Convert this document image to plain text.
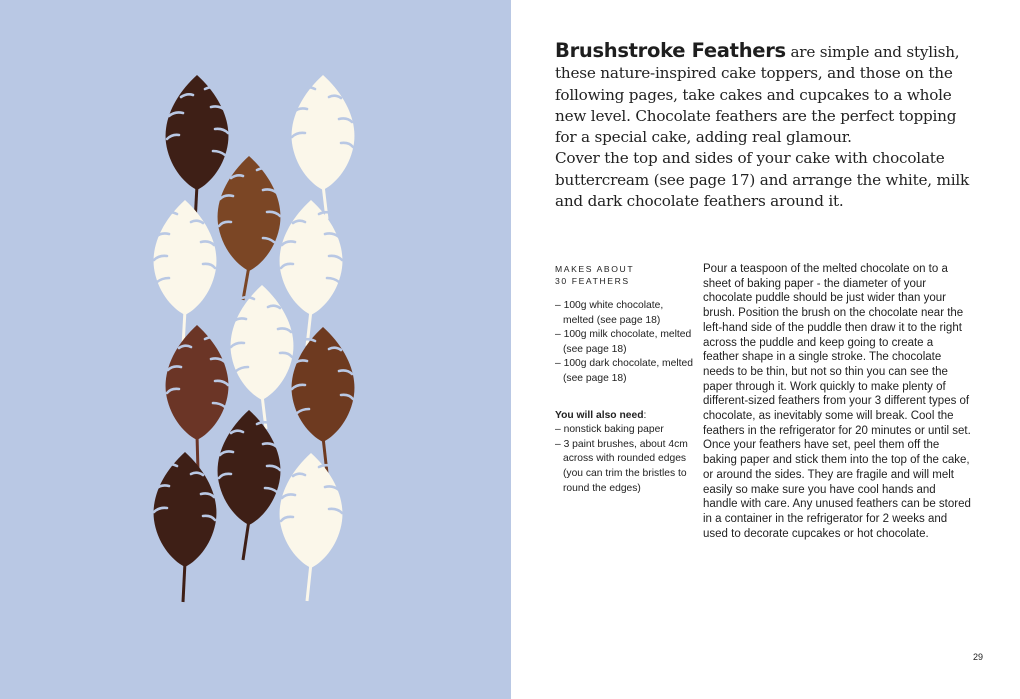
Brushstroke Feathers are simple and stylish, these nature-inspired cake toppers, and those on the following pages, take cakes and cupcakes to a whole new level. Chocolate feathers are the perfect topping for a special cake, adding real glamour.
Cover the top and sides of your cake with chocolate buttercream (see page 17) and arrange the white, milk and dark chocolate feathers around it.
MAKES ABOUT
30 FEATHERS
– 100g white chocolate, melted (see page 18)
– 100g milk chocolate, melted (see page 18)
– 100g dark chocolate, melted (see page 18)
You will also need:
– nonstick baking paper
– 3 paint brushes, about 4cm across with rounded edges (you can trim the bristles to round the edges)

Pour a teaspoon of the melted chocolate on to a sheet of baking paper - the diameter of your chocolate puddle should be just wider than your brush. Position the brush on the chocolate near the left-hand side of the puddle then draw it to the right across the puddle and keep going to create a feather shape in a single stroke. The chocolate needs to be thin, but not so thin you can see the paper through it. Work quickly to make plenty of different-sized feathers from your 3 different types of chocolate, as inevitably some will break. Cool the feathers in the refrigerator for 20 minutes or until set.

Once your feathers have set, peel them off the baking paper and stick them into the top of the cake, or around the sides. They are fragile and will melt easily so make sure you have cool hands and handle with care. Any unused feathers can be stored in a container in the refrigerator for 2 weeks and used to decorate cupcakes or hot chocolate.

29
